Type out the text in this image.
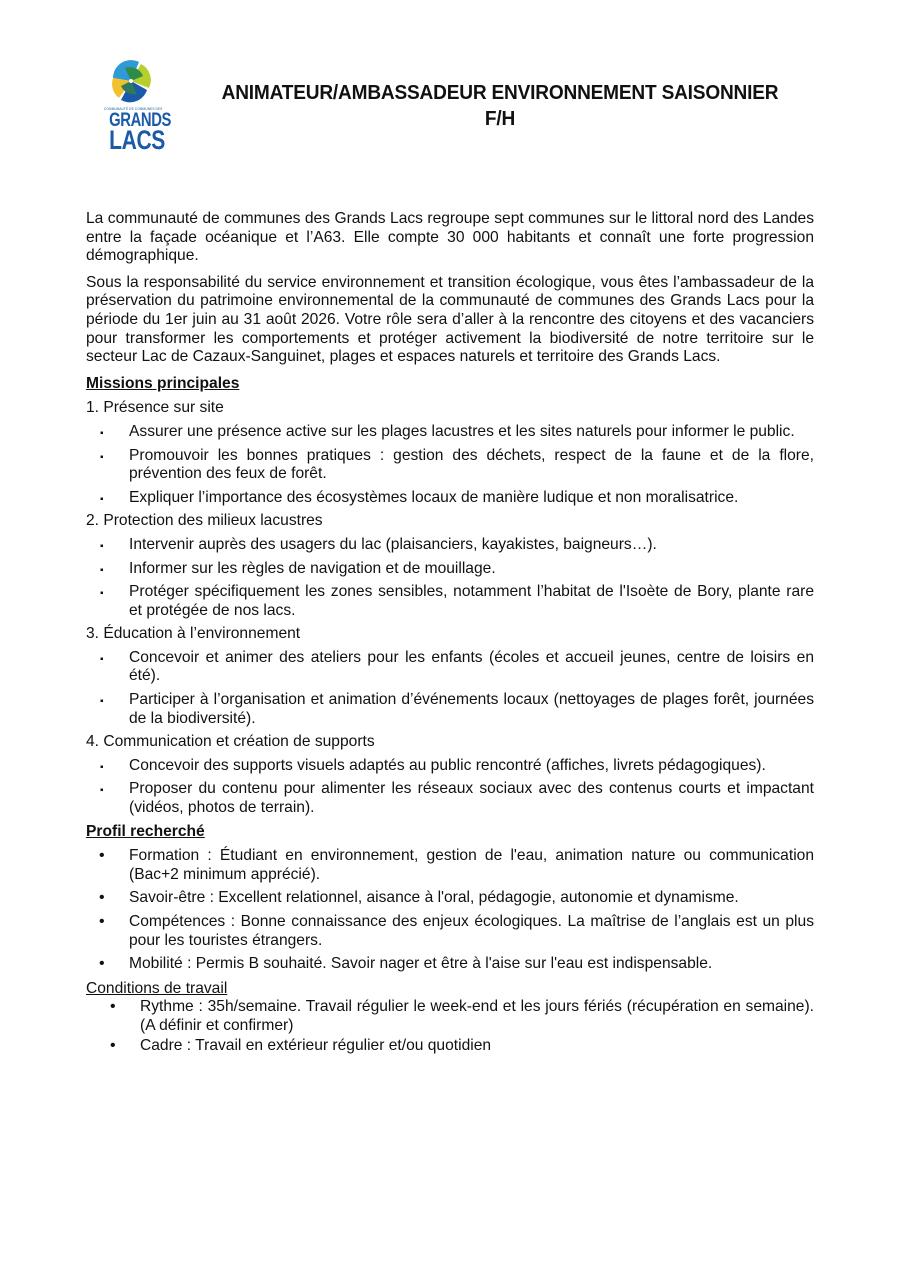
COMMUNAUTÉ DE COMMUNES DES
GRANDS
LACS
ANIMATEUR/AMBASSADEUR ENVIRONNEMENT SAISONNIER
F/H

La communauté de communes des Grands Lacs regroupe sept communes sur le littoral nord des Landes entre la façade océanique et l’A63. Elle compte 30 000 habitants et connaît une forte progression démographique.

Sous la responsabilité du service environnement et transition écologique, vous êtes l’ambassadeur de la préservation du patrimoine environnemental de la communauté de communes des Grands Lacs pour la période du 1er juin au 31 août 2026. Votre rôle sera d’aller à la rencontre des citoyens et des vacanciers pour transformer les comportements et protéger activement la biodiversité de notre territoire sur le secteur Lac de Cazaux-Sanguinet, plages et espaces naturels et territoire des Grands Lacs.

Missions principales
1. Présence sur site
▪ Assurer une présence active sur les plages lacustres et les sites naturels pour informer le public.
▪ Promouvoir les bonnes pratiques : gestion des déchets, respect de la faune et de la flore, prévention des feux de forêt.
▪ Expliquer l’importance des écosystèmes locaux de manière ludique et non moralisatrice.
2. Protection des milieux lacustres
▪ Intervenir auprès des usagers du lac (plaisanciers, kayakistes, baigneurs…).
▪ Informer sur les règles de navigation et de mouillage.
▪ Protéger spécifiquement les zones sensibles, notamment l’habitat de l'Isoète de Bory, plante rare et protégée de nos lacs.
3. Éducation à l’environnement
▪ Concevoir et animer des ateliers pour les enfants (écoles et accueil jeunes, centre de loisirs en été).
▪ Participer à l’organisation et animation d’événements locaux (nettoyages de plages forêt, journées de la biodiversité).
4. Communication et création de supports
▪ Concevoir des supports visuels adaptés au public rencontré (affiches, livrets pédagogiques).
▪ Proposer du contenu pour alimenter les réseaux sociaux avec des contenus courts et impactant (vidéos, photos de terrain).
Profil recherché
• Formation : Étudiant en environnement, gestion de l'eau, animation nature ou communication (Bac+2 minimum apprécié).
• Savoir-être : Excellent relationnel, aisance à l'oral, pédagogie, autonomie et dynamisme.
• Compétences : Bonne connaissance des enjeux écologiques. La maîtrise de l’anglais est un plus pour les touristes étrangers.
• Mobilité : Permis B souhaité. Savoir nager et être à l'aise sur l'eau est indispensable.
Conditions de travail
• Rythme : 35h/semaine. Travail régulier le week-end et les jours fériés (récupération en semaine). (A définir et confirmer)
• Cadre : Travail en extérieur régulier et/ou quotidien
